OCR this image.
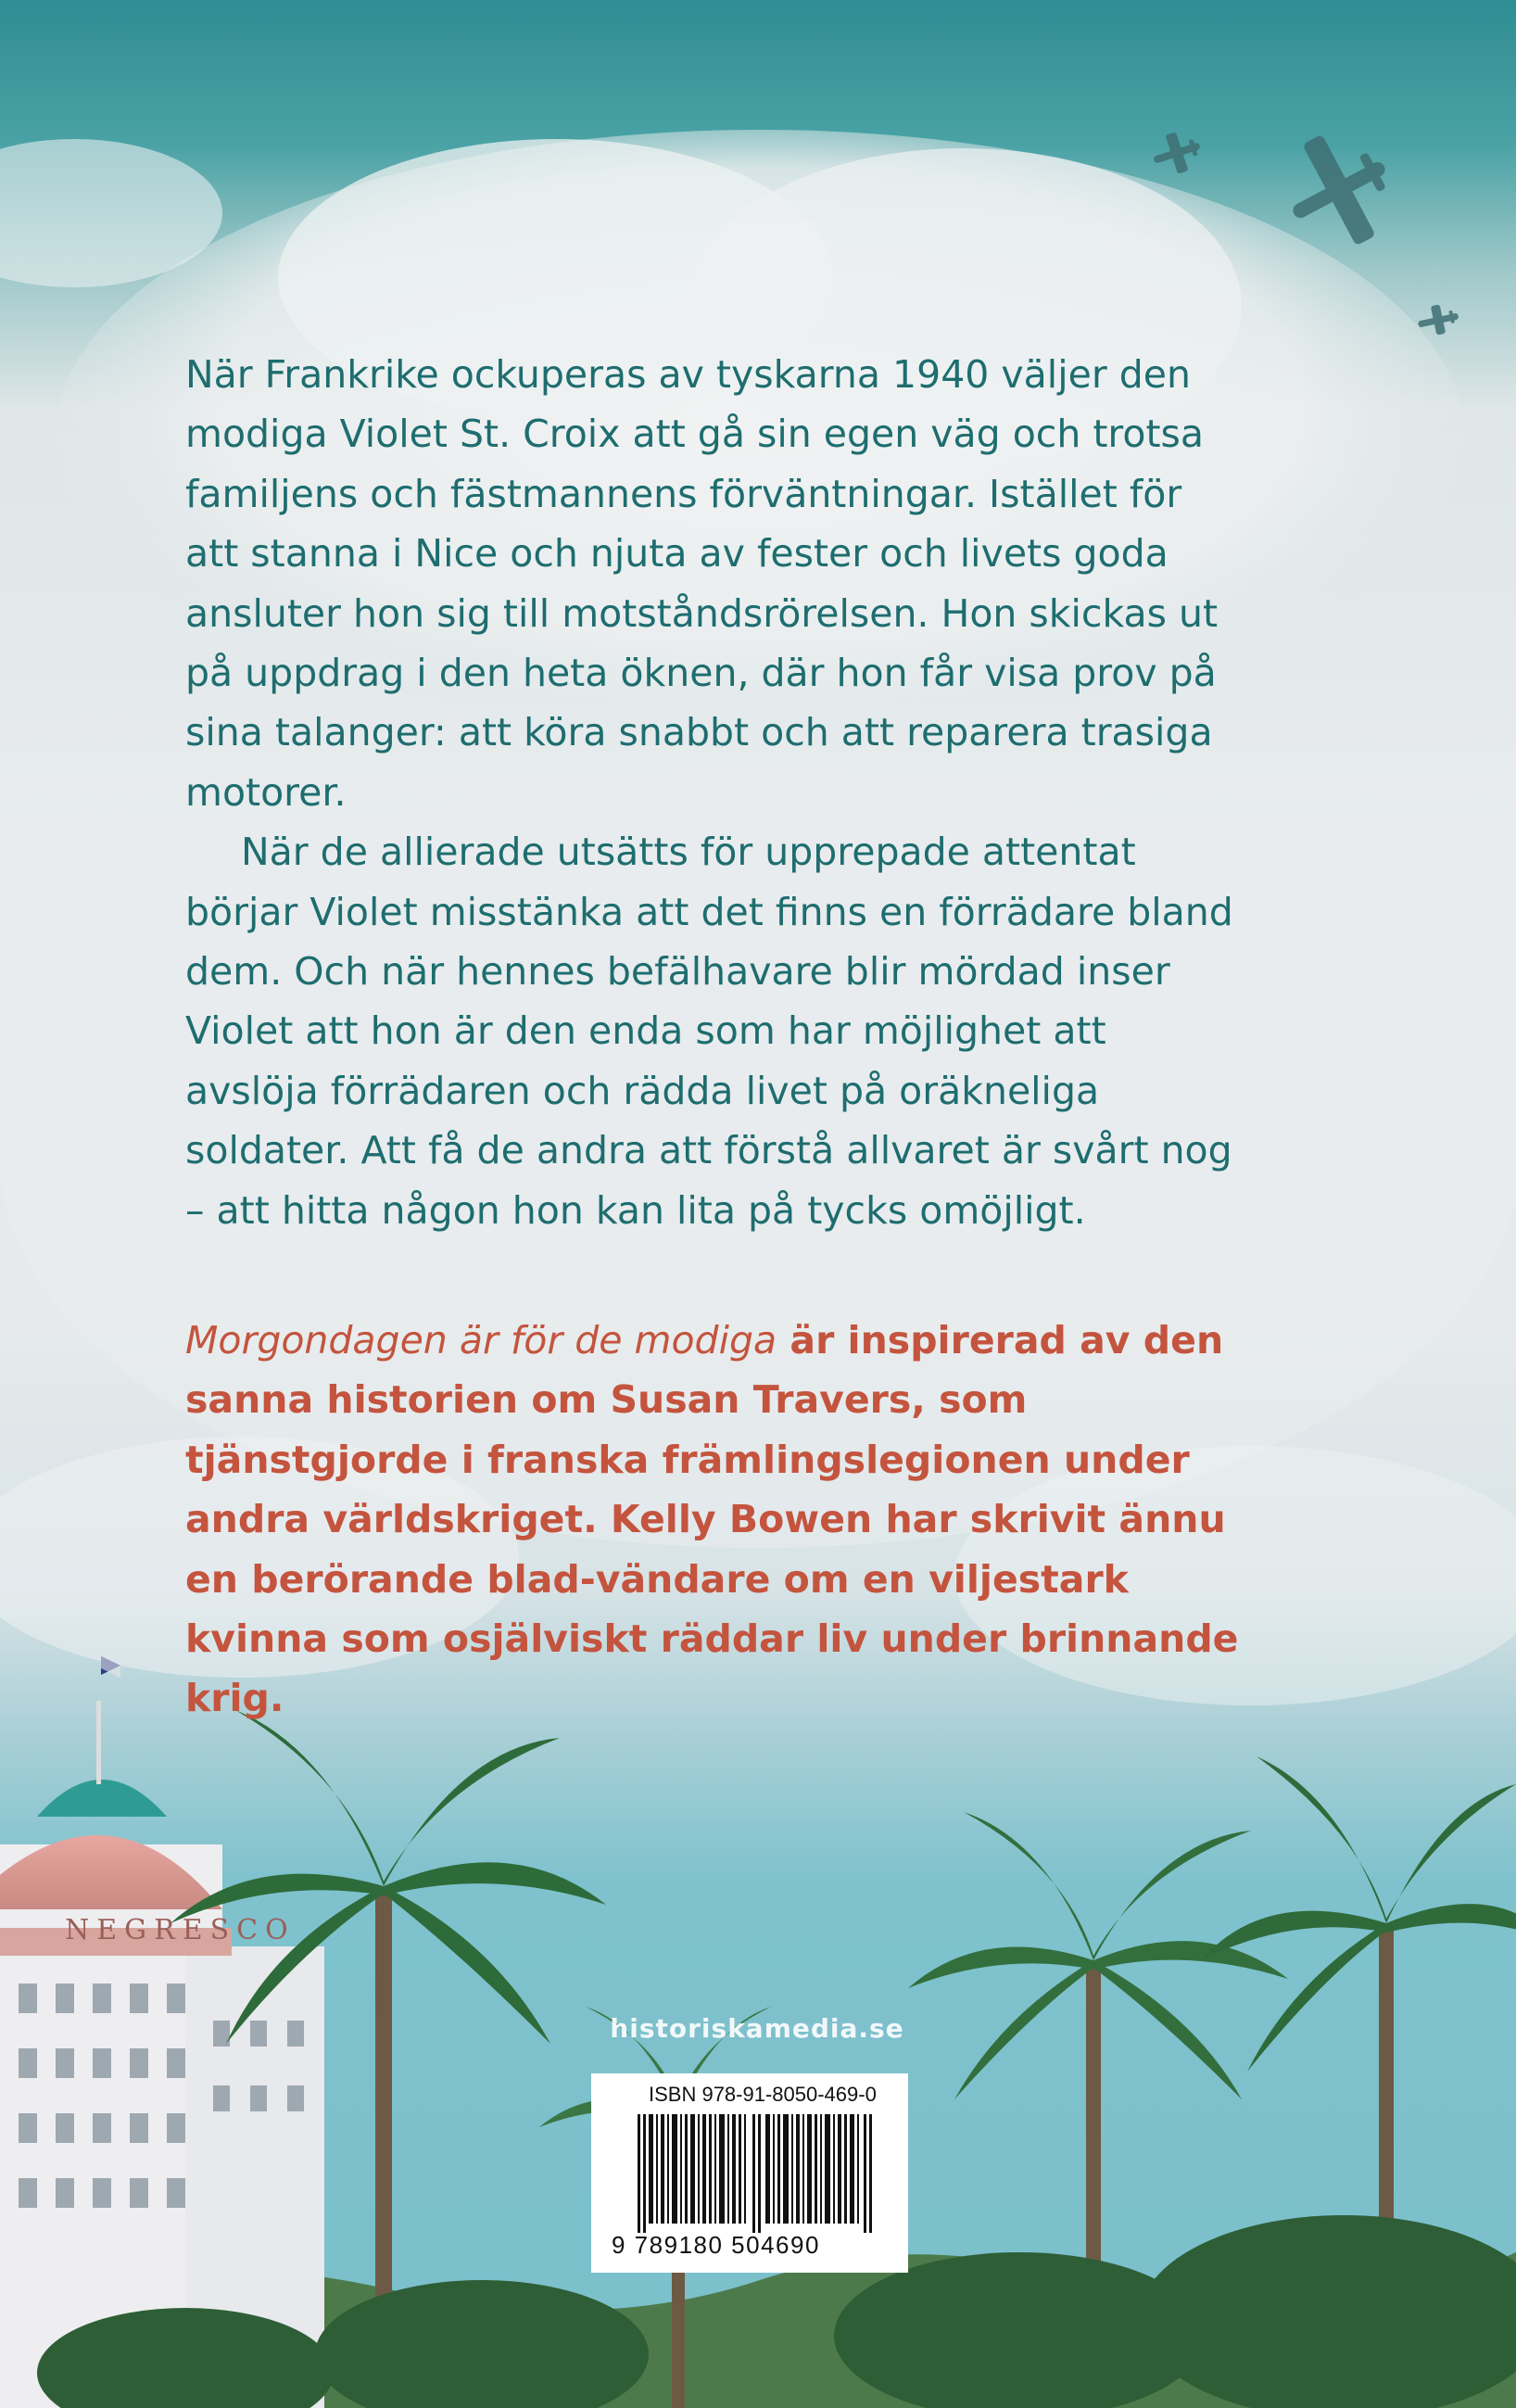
NEGRESCO

När Frankrike ockuperas av tyskarna 1940 väljer den modiga Violet St. Croix att gå sin egen väg och trotsa familjens och fästmannens förväntningar. Istället för att stanna i Nice och njuta av fester och livets goda ansluter hon sig till motståndsrörelsen. Hon skickas ut på uppdrag i den heta öknen, där hon får visa prov på sina talanger: att köra snabbt och att reparera trasiga motorer.

När de allierade utsätts för upprepade attentat börjar Violet misstänka att det finns en förrädare bland dem. Och när hennes befälhavare blir mördad inser Violet att hon är den enda som har möjlighet att avslöja förrädaren och rädda livet på oräkneliga soldater. Att få de andra att förstå allvaret är svårt nog – att hitta någon hon kan lita på tycks omöjligt.

Morgondagen är för de modiga är inspirerad av den sanna historien om Susan Travers, som tjänstgjorde i franska främlingslegionen under andra världskriget. Kelly Bowen har skrivit ännu en berörande blad-vändare om en viljestark kvinna som osjälviskt räddar liv under brinnande krig.

historiskamedia.se
ISBN 978-91-8050-469-0
9 789180 504690
